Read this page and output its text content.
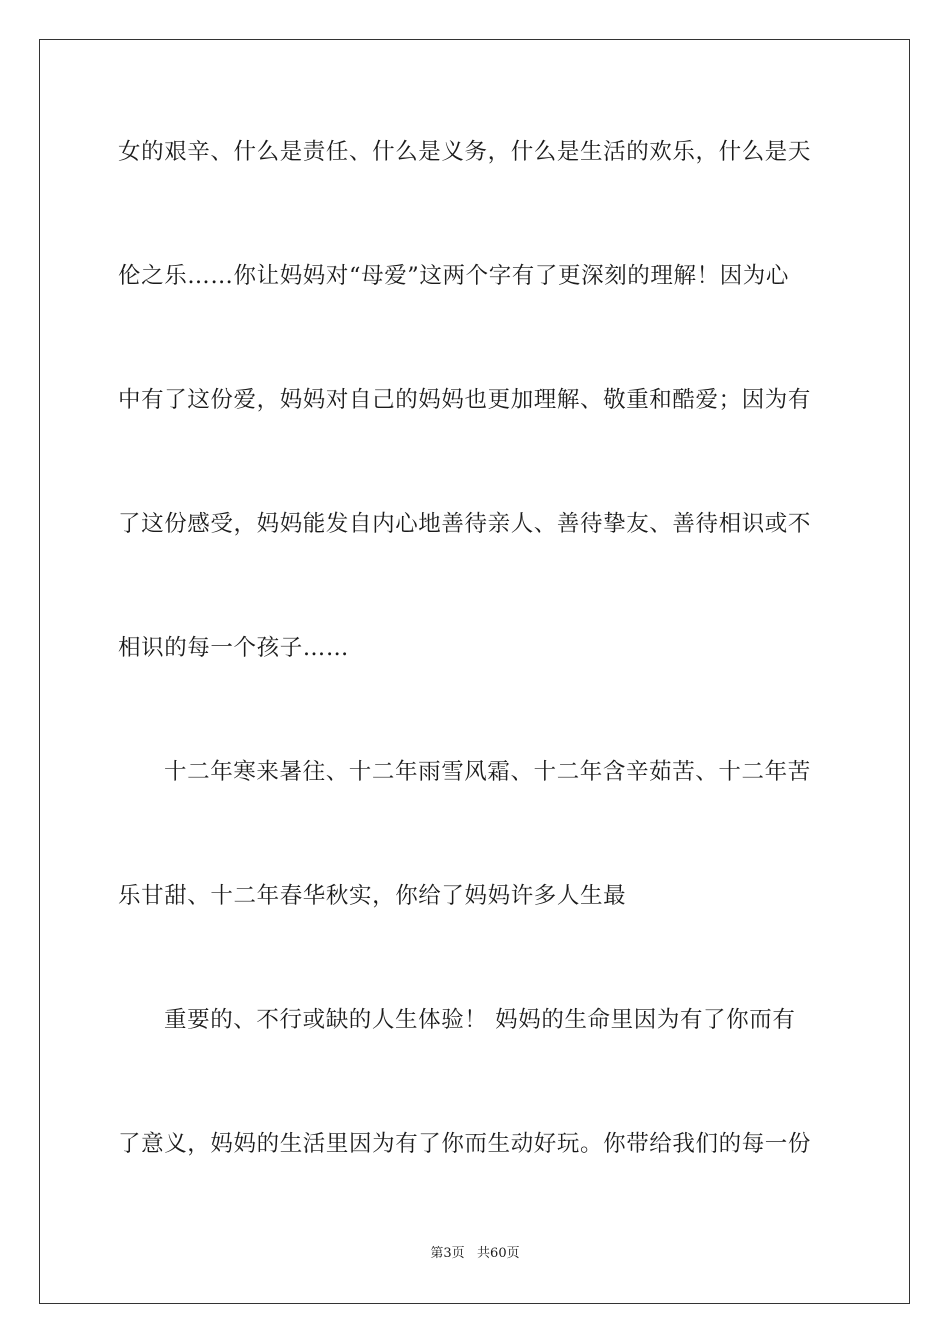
女的艰辛、什么是责任、什么是义务，什么是生活的欢乐，什么是天
伦之乐……你让妈妈对“母爱”这两个字有了更深刻的理解！因为心
中有了这份爱，妈妈对自己的妈妈也更加理解、敬重和酷爱；因为有
了这份感受，妈妈能发自内心地善待亲人、善待挚友、善待相识或不
相识的每一个孩子……
十二年寒来暑往、十二年雨雪风霜、十二年含辛茹苦、十二年苦
乐甘甜、十二年春华秋实，你给了妈妈许多人生最
重要的、不行或缺的人生体验！ 妈妈的生命里因为有了你而有
了意义，妈妈的生活里因为有了你而生动好玩。你带给我们的每一份
第3页   共60页
